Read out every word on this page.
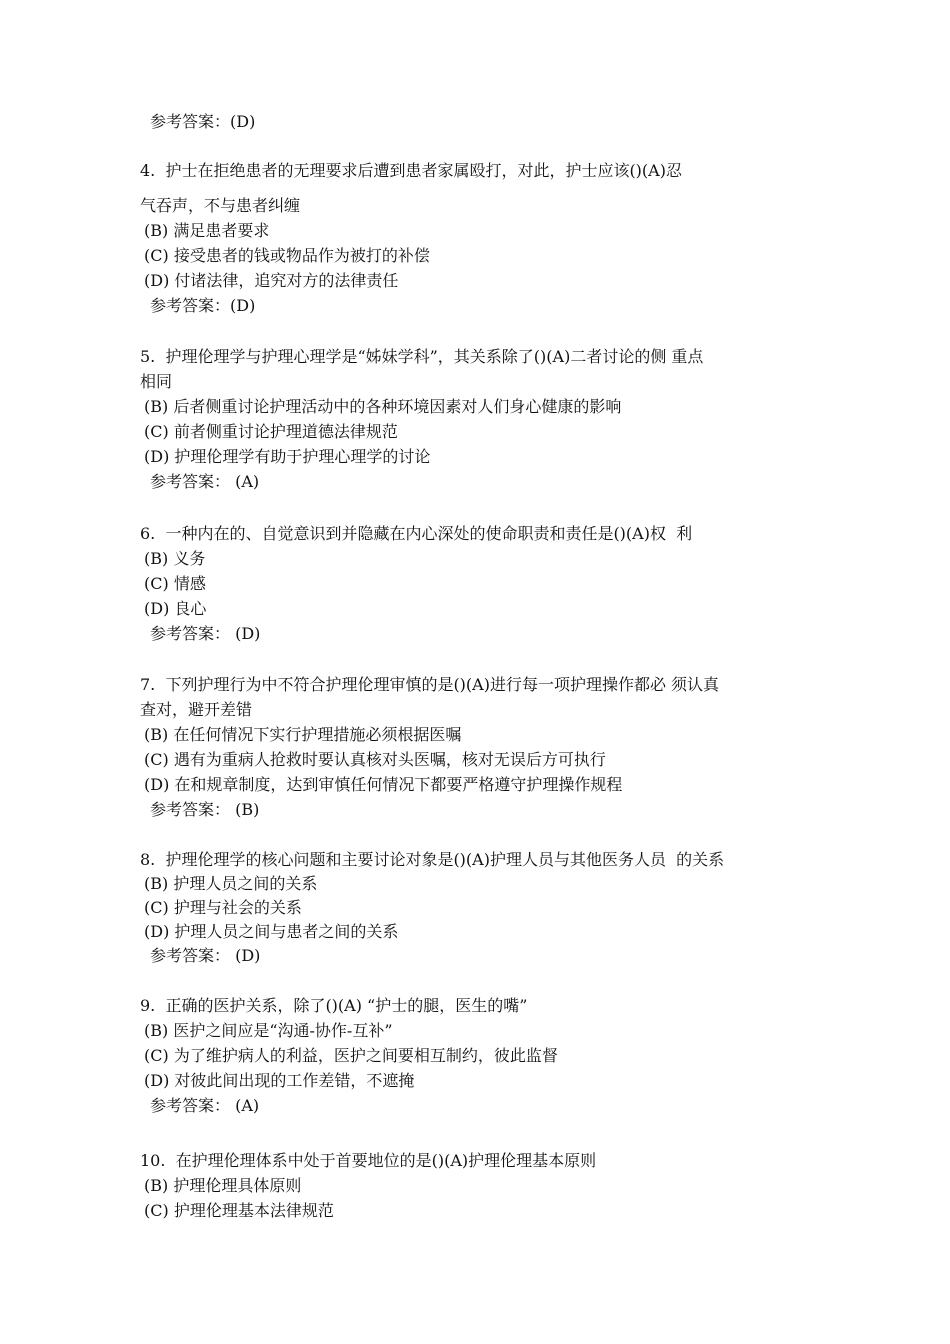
参考答案：(D)

4.  护士在拒绝患者的无理要求后遭到患者家属殴打，对此，护士应该()(A)忍

气吞声，不与患者纠缠

(B) 满足患者要求

(C) 接受患者的钱或物品作为被打的补偿

(D) 付诸法律，追究对方的法律责任

参考答案：(D)

5.  护理伦理学与护理心理学是“姊妹学科”，其关系除了()(A)二者讨论的侧 重点

相同

(B) 后者侧重讨论护理活动中的各种环境因素对人们身心健康的影响

(C) 前者侧重讨论护理道德法律规范

(D) 护理伦理学有助于护理心理学的讨论

参考答案： (A)

6.  一种内在的、自觉意识到并隐藏在内心深处的使命职责和责任是()(A)权  利

(B) 义务

(C) 情感

(D) 良心

参考答案： (D)

7.  下列护理行为中不符合护理伦理审慎的是()(A)进行每一项护理操作都必 须认真

查对，避开差错

(B) 在任何情况下实行护理措施必须根据医嘱

(C) 遇有为重病人抢救时要认真核对头医嘱，核对无误后方可执行

(D) 在和规章制度，达到审慎任何情况下都要严格遵守护理操作规程

参考答案： (B)

8.  护理伦理学的核心问题和主要讨论对象是()(A)护理人员与其他医务人员  的关系

(B) 护理人员之间的关系

(C) 护理与社会的关系

(D) 护理人员之间与患者之间的关系

参考答案： (D)

9.  正确的医护关系，除了()(A) “护士的腿，医生的嘴”

(B) 医护之间应是“沟通-协作-互补”

(C) 为了维护病人的利益，医护之间要相互制约，彼此监督

(D) 对彼此间出现的工作差错，不遮掩

参考答案： (A)

10.  在护理伦理体系中处于首要地位的是()(A)护理伦理基本原则

(B) 护理伦理具体原则

(C) 护理伦理基本法律规范
